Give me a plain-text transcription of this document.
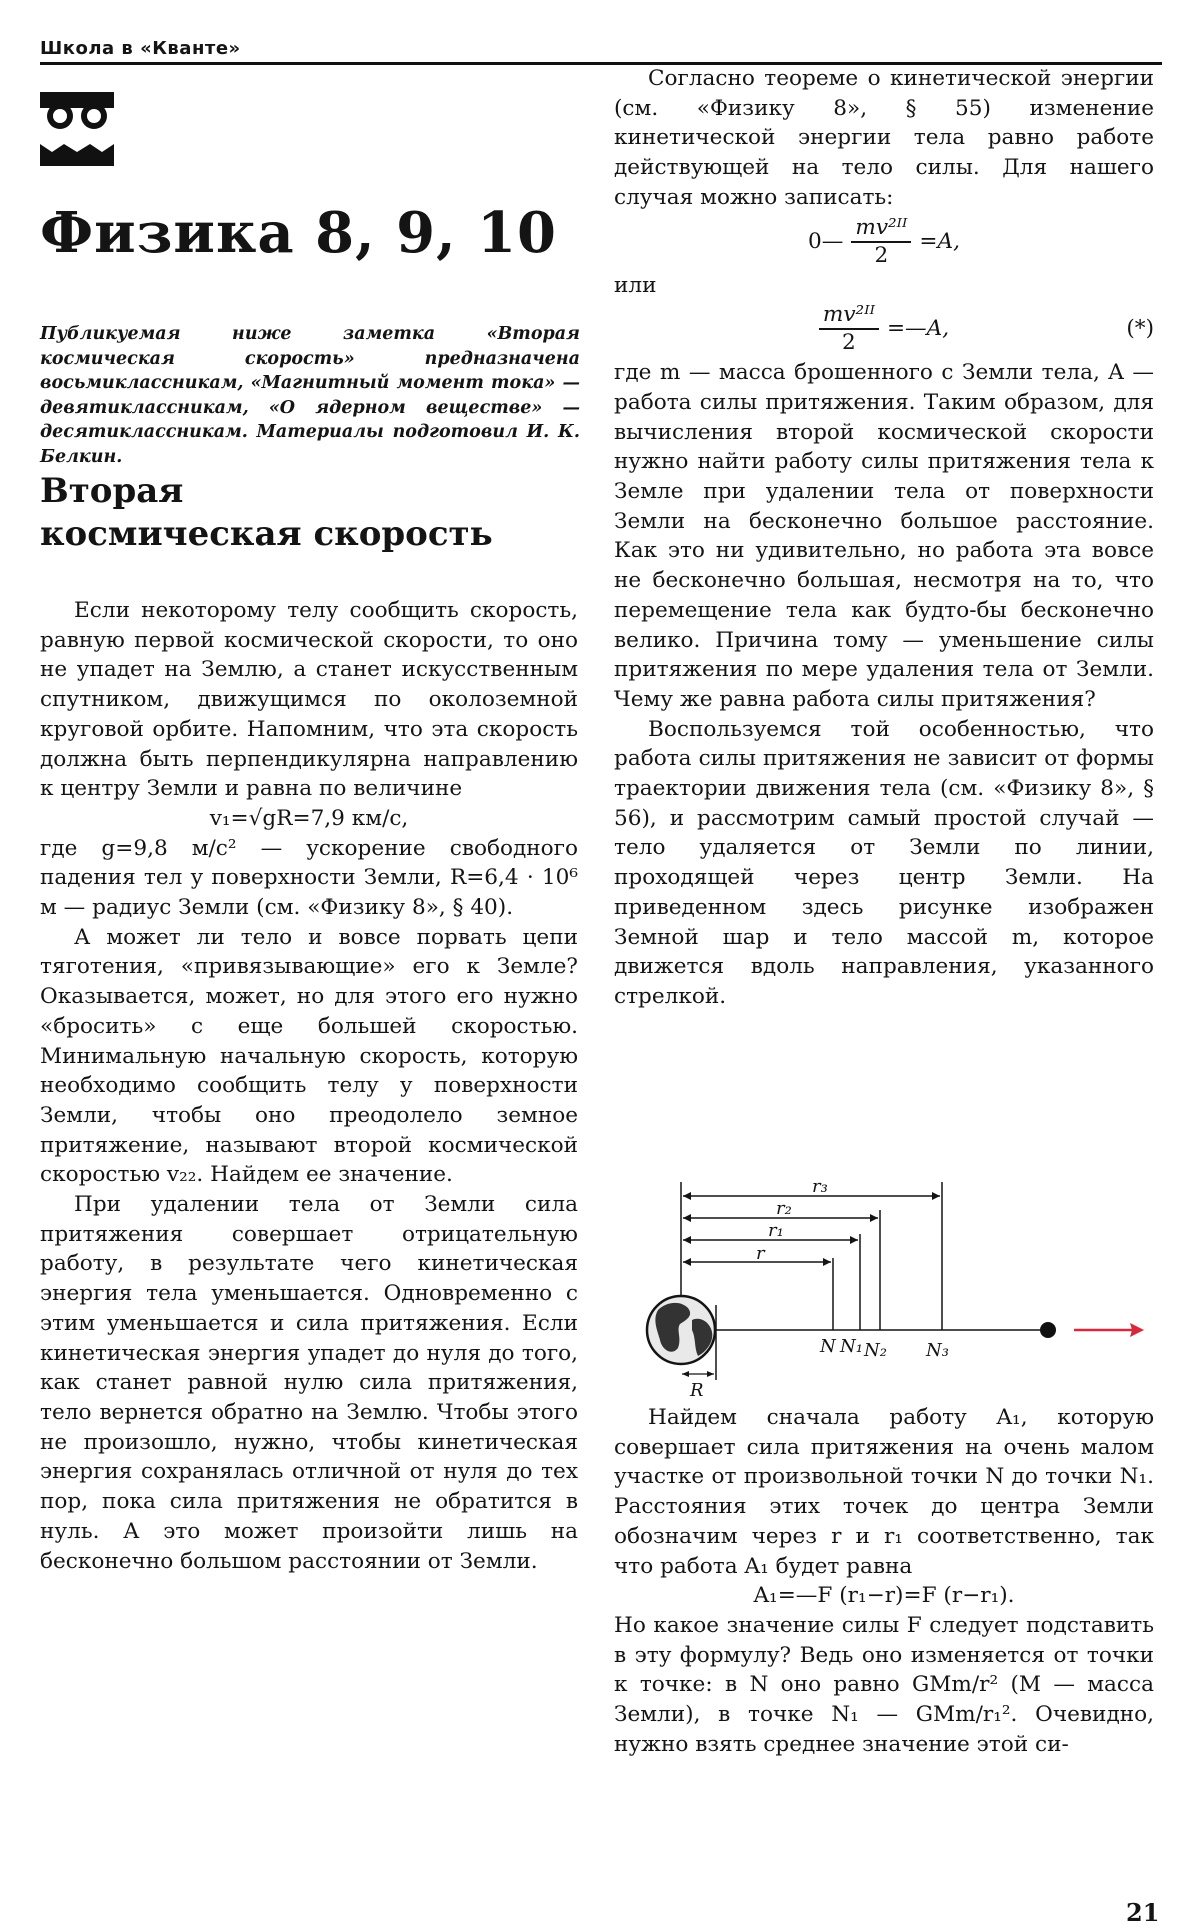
Школа в «Кванте»
Физика 8, 9, 10
Публикуемая ниже заметка «Вторая космическая скорость» предназначена восьмиклассникам, «Магнитный момент тока» — девятиклассникам, «О ядерном веществе» — десятиклассникам. Материалы подготовил И. К. Белкин.
Вторая
космическая скорость

Если некоторому телу сообщить скорость, равную первой космической скорости, то оно не упадет на Землю, а станет искусственным спутником, движущимся по околоземной круговой орбите. Напомним, что эта скорость должна быть перпендикулярна направлению к центру Земли и равна по величине

v₁=√gR=7,9 км/с,

где g=9,8 м/с² — ускорение свободного падения тел у поверхности Земли, R=6,4 · 10⁶ м — радиус Земли (см. «Физику 8», § 40).

А может ли тело и вовсе порвать цепи тяготения, «привязывающие» его к Земле? Оказывается, может, но для этого его нужно «бросить» с еще большей скоростью. Минимальную начальную скорость, которую необходимо сообщить телу у поверхности Земли, чтобы оно преодолело земное притяжение, называют второй космической скоростью v₂₂. Найдем ее значение.

При удалении тела от Земли сила притяжения совершает отрицательную работу, в результате чего кинетическая энергия тела уменьшается. Одновременно с этим уменьшается и сила притяжения. Если кинетическая энергия упадет до нуля до того, как станет равной нулю сила притяжения, тело вернется обратно на Землю. Чтобы этого не произошло, нужно, чтобы кинетическая энергия сохранялась отличной от нуля до тех пор, пока сила притяжения не обратится в нуль. А это может произойти лишь на бесконечно большом расстоянии от Земли.

Согласно теореме о кинетической энергии (см. «Физику 8», § 55) изменение кинетической энергии тела равно работе действующей на тело силы. Для нашего случая можно записать:

0— $\frac{\text{mv²ᴵᴵ}}{2} =A$,

или

$\frac{\text{mv²ᴵᴵ}}{2}$ =—A,	(*)

где m — масса брошенного с Земли тела, A — работа силы притяжения. Таким образом, для вычисления второй космической скорости нужно найти работу силы притяжения тела к Земле при удалении тела от поверхности Земли на бесконечно большое расстояние. Как это ни удивительно, но работа эта вовсе не бесконечно большая, несмотря на то, что перемещение тела как будто-бы бесконечно велико. Причина тому — уменьшение силы притяжения по мере удаления тела от Земли. Чему же равна работа силы притяжения?

Воспользуемся той особенностью, что работа силы притяжения не зависит от формы траектории движения тела (см. «Физику 8», § 56), и рассмотрим самый простой случай — тело удаляется от Земли по линии, проходящей через центр Земли. На приведенном здесь рисунке изображен Земной шар и тело массой m, которое движется вдоль направления, указанного стрелкой.

r₃
r₂
r₁
r
N N₁ N₂ N₃
R

Найдем сначала работу A₁, которую совершает сила притяжения на очень малом участке от произвольной точки N до точки N₁. Расстояния этих точек до центра Земли обозначим через r и r₁ соответственно, так что работа A₁ будет равна

A₁=—F (r₁−r)=F (r−r₁).

Но какое значение силы F следует подставить в эту формулу? Ведь оно изменяется от точки к точке: в N оно равно GMm/r² (M — масса Земли), в точке N₁ — GMm/r₁². Очевидно, нужно взять среднее значение этой си-

21
